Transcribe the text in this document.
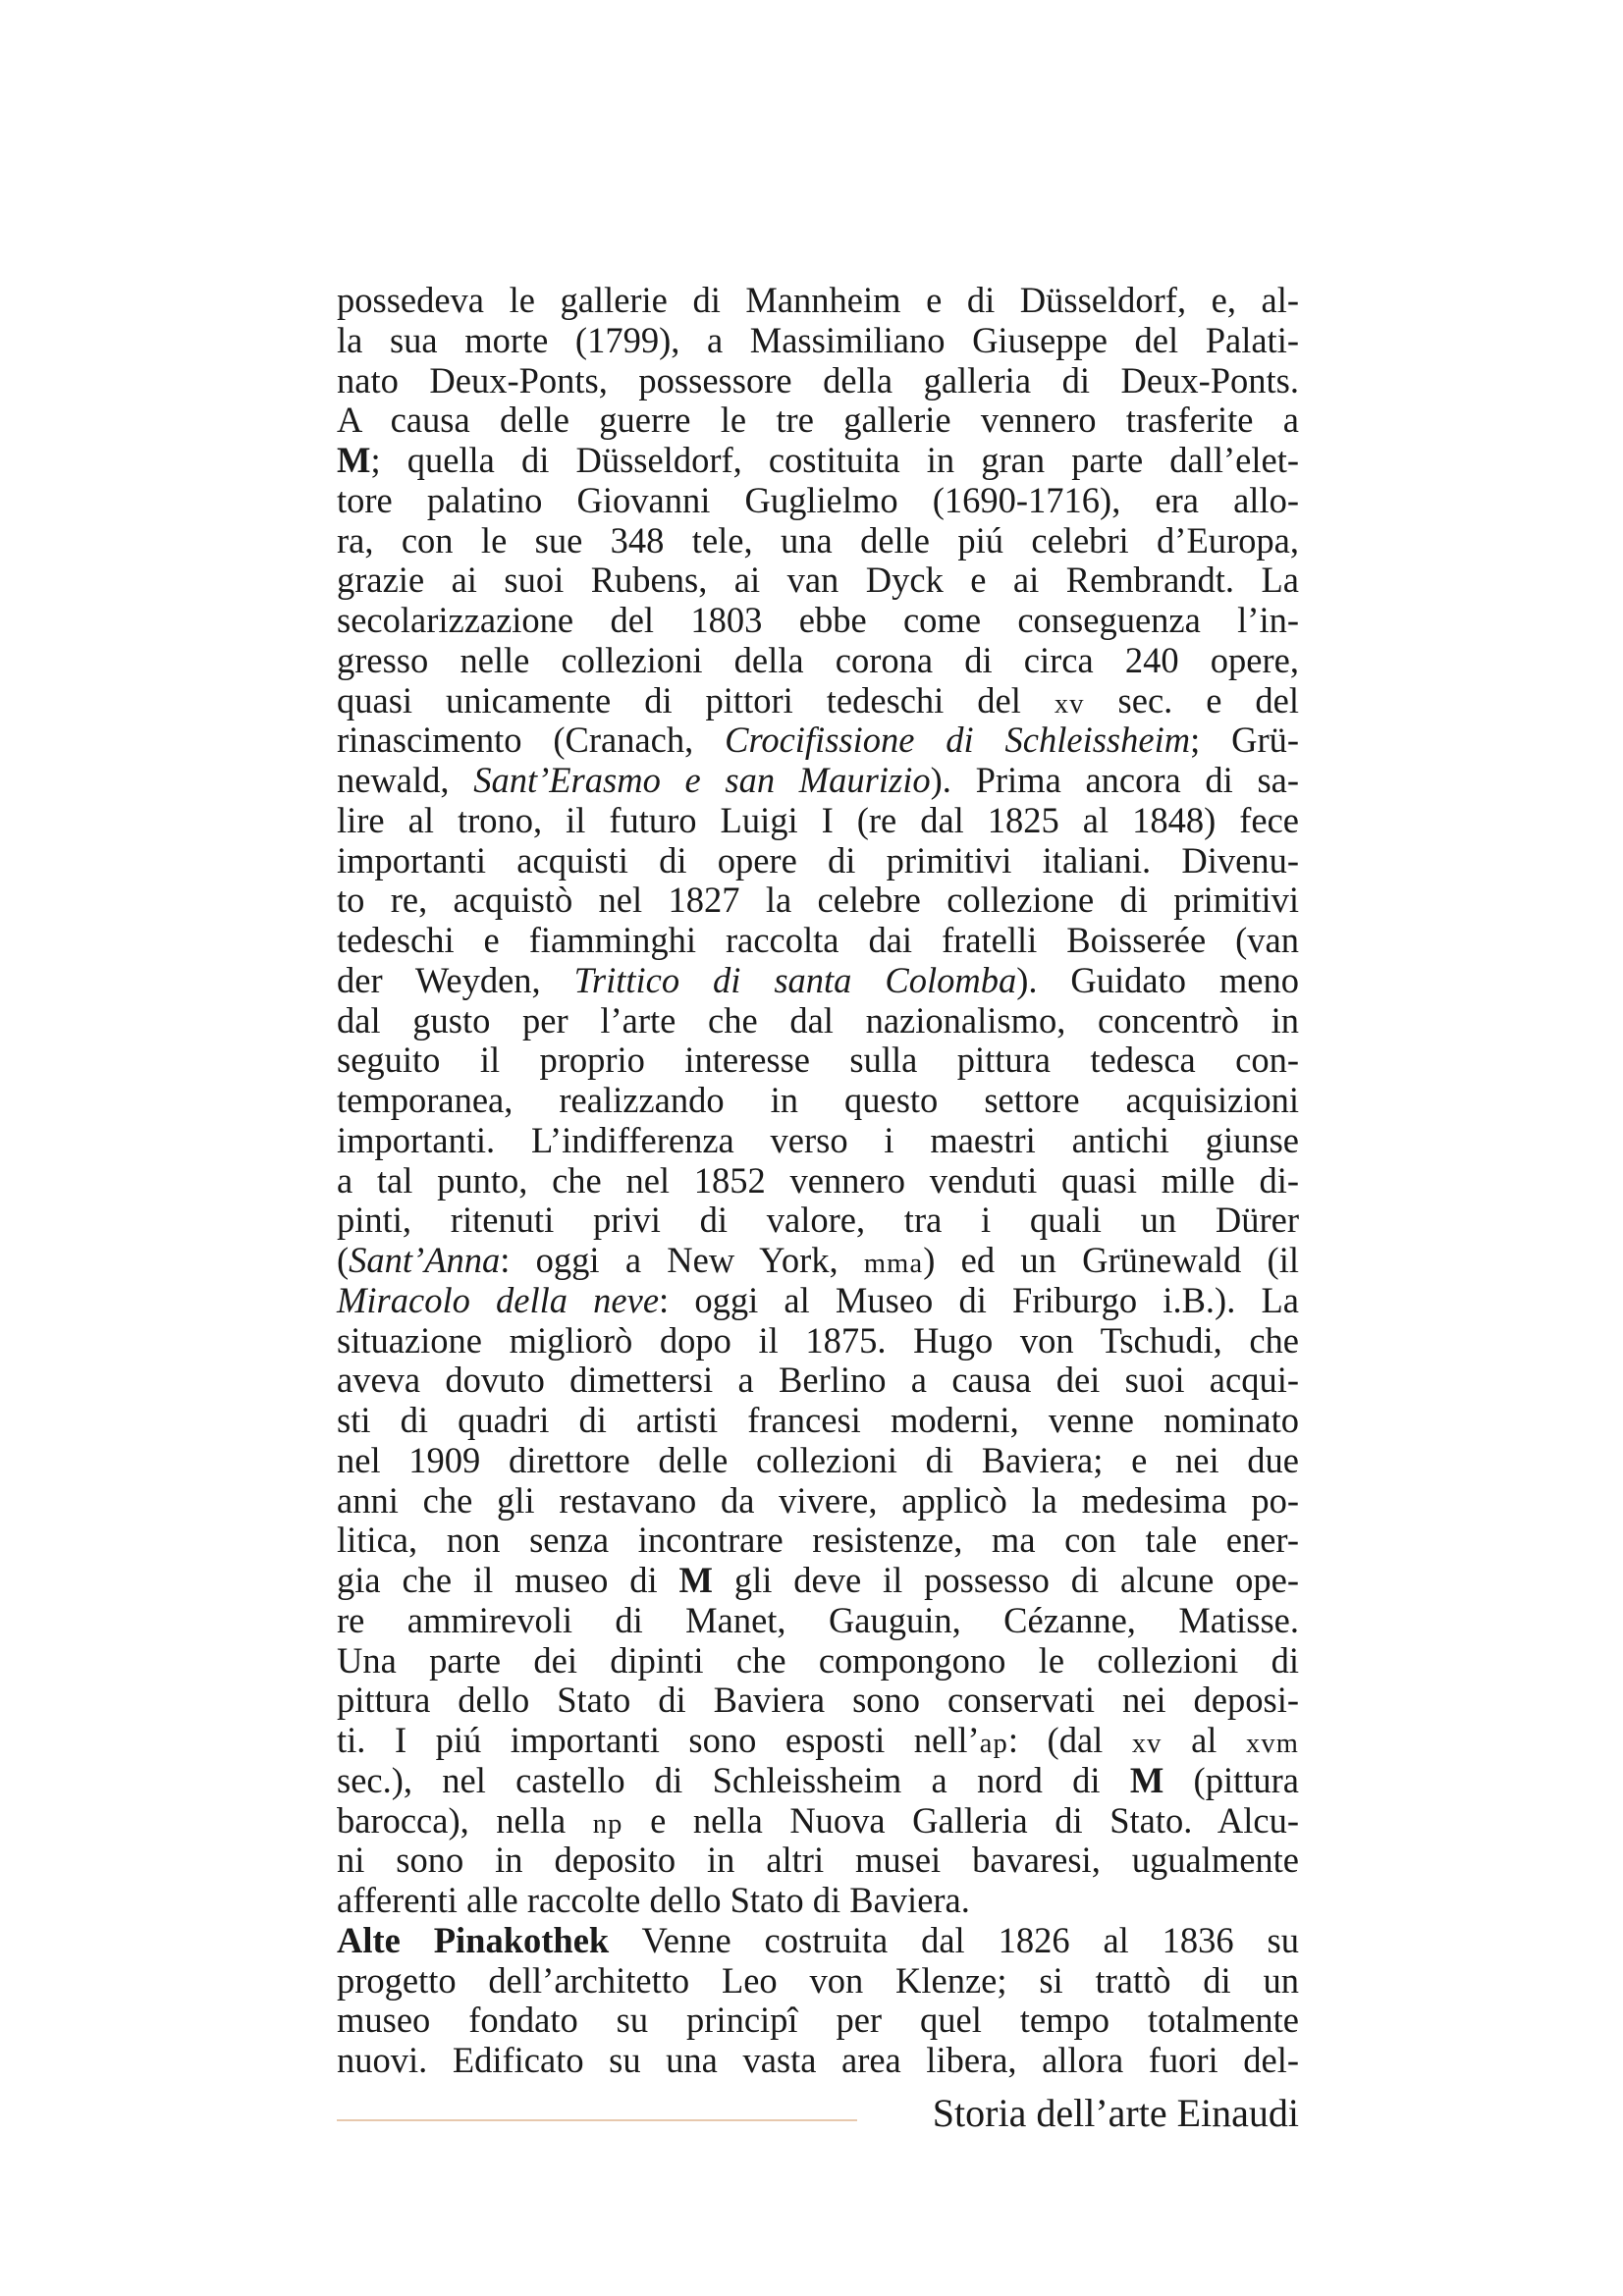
possedeva le gallerie di Mannheim e di Düsseldorf, e, al-
la sua morte (1799), a Massimiliano Giuseppe del Palati-
nato Deux-Ponts, possessore della galleria di Deux-Ponts.
A causa delle guerre le tre gallerie vennero trasferite a
M; quella di Düsseldorf, costituita in gran parte dall’elet-
tore palatino Giovanni Guglielmo (1690-1716), era allo-
ra, con le sue 348 tele, una delle piú celebri d’Europa,
grazie ai suoi Rubens, ai van Dyck e ai Rembrandt. La
secolarizzazione del 1803 ebbe come conseguenza l’in-
gresso nelle collezioni della corona di circa 240 opere,
quasi unicamente di pittori tedeschi del xv sec. e del
rinascimento (Cranach, Crocifissione di Schleissheim; Grü-
newald, Sant’Erasmo e san Maurizio). Prima ancora di sa-
lire al trono, il futuro Luigi I (re dal 1825 al 1848) fece
importanti acquisti di opere di primitivi italiani. Divenu-
to re, acquistò nel 1827 la celebre collezione di primitivi
tedeschi e fiamminghi raccolta dai fratelli Boisserée (van
der Weyden, Trittico di santa Colomba). Guidato meno
dal gusto per l’arte che dal nazionalismo, concentrò in
seguito il proprio interesse sulla pittura tedesca con-
temporanea, realizzando in questo settore acquisizioni
importanti. L’indifferenza verso i maestri antichi giunse
a tal punto, che nel 1852 vennero venduti quasi mille di-
pinti, ritenuti privi di valore, tra i quali un Dürer
(Sant’Anna: oggi a New York, mma) ed un Grünewald (il
Miracolo della neve: oggi al Museo di Friburgo i.B.). La
situazione migliorò dopo il 1875. Hugo von Tschudi, che
aveva dovuto dimettersi a Berlino a causa dei suoi acqui-
sti di quadri di artisti francesi moderni, venne nominato
nel 1909 direttore delle collezioni di Baviera; e nei due
anni che gli restavano da vivere, applicò la medesima po-
litica, non senza incontrare resistenze, ma con tale ener-
gia che il museo di M gli deve il possesso di alcune ope-
re ammirevoli di Manet, Gauguin, Cézanne, Matisse.
Una parte dei dipinti che compongono le collezioni di
pittura dello Stato di Baviera sono conservati nei deposi-
ti. I piú importanti sono esposti nell’ap: (dal xv al xvm
sec.), nel castello di Schleissheim a nord di M (pittura
barocca), nella np e nella Nuova Galleria di Stato. Alcu-
ni sono in deposito in altri musei bavaresi, ugualmente
afferenti alle raccolte dello Stato di Baviera.
Alte Pinakothek Venne costruita dal 1826 al 1836 su
progetto dell’architetto Leo von Klenze; si trattò di un
museo fondato su principî per quel tempo totalmente
nuovi. Edificato su una vasta area libera, allora fuori del-
Storia dell’arte Einaudi
